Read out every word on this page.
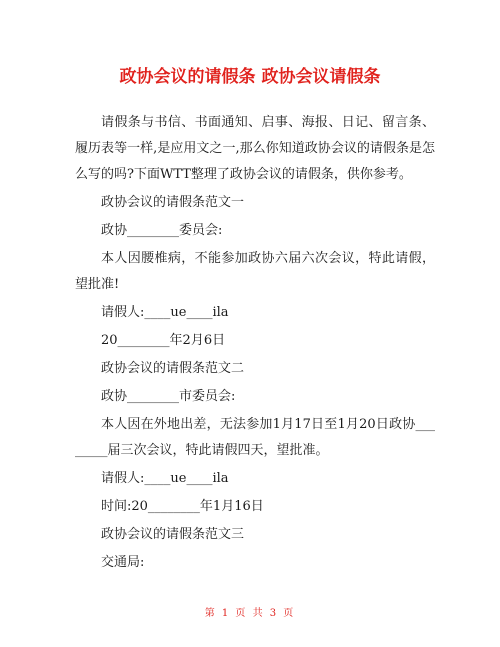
政协会议的请假条 政协会议请假条

请假条与书信、书面通知、启事、海报、日记、留言条、履历表等一样,是应用文之一,那么你知道政协会议的请假条是怎么写的吗?下面WTT整理了政协会议的请假条，供你参考。

政协会议的请假条范文一

政协________委员会:

本人因腰椎病，不能参加政协六届六次会议，特此请假，望批准!

请假人:____ue____ila

20________年2月6日

政协会议的请假条范文二

政协________市委员会:

本人因在外地出差，无法参加1月17日至1月20日政协________届三次会议，特此请假四天，望批准。

请假人:____ue____ila

时间:20________年1月16日

政协会议的请假条范文三

交通局:

第 1 页 共 3 页
